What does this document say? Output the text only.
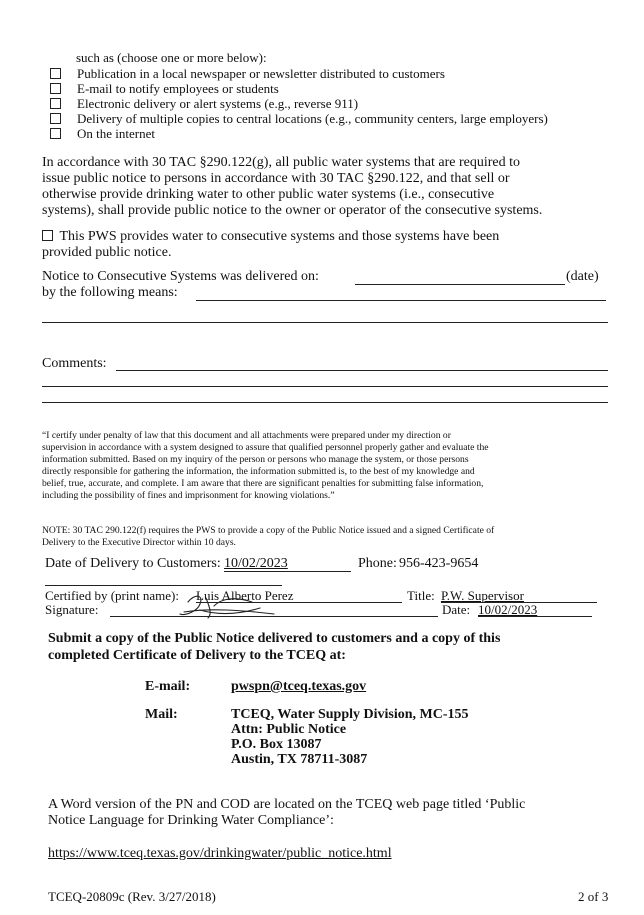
such as (choose one or more below):
Publication in a local newspaper or newsletter distributed to customers
E-mail to notify employees or students
Electronic delivery or alert systems (e.g., reverse 911)
Delivery of multiple copies to central locations (e.g., community centers, large employers)
On the internet
In accordance with 30 TAC §290.122(g), all public water systems that are required to
issue public notice to persons in accordance with 30 TAC §290.122, and that sell or
otherwise provide drinking water to other public water systems (i.e., consecutive
systems), shall provide public notice to the owner or operator of the consecutive systems.
This PWS provides water to consecutive systems and those systems have been
provided public notice.
Notice to Consecutive Systems was delivered on:	(date)
by the following means:
Comments:
“I certify under penalty of law that this document and all attachments were prepared under my direction or
supervision in accordance with a system designed to assure that qualified personnel properly gather and evaluate the
information submitted. Based on my inquiry of the person or persons who manage the system, or those persons
directly responsible for gathering the information, the information submitted is, to the best of my knowledge and
belief, true, accurate, and complete. I am aware that there are significant penalties for submitting false information,
including the possibility of fines and imprisonment for knowing violations.”
NOTE: 30 TAC 290.122(f) requires the PWS to provide a copy of the Public Notice issued and a signed Certificate of
Delivery to the Executive Director within 10 days.
Date of Delivery to Customers: 10/02/2023	Phone: 956-423-9654
Certified by (print name): Luis Alberto Perez	Title: P.W. Supervisor
Signature:	Date: 10/02/2023
Submit a copy of the Public Notice delivered to customers and a copy of this
completed Certificate of Delivery to the TCEQ at:
E-mail:	pwspn@tceq.texas.gov
Mail:	TCEQ, Water Supply Division, MC-155
Attn: Public Notice
P.O. Box 13087
Austin, TX 78711-3087
A Word version of the PN and COD are located on the TCEQ web page titled ‘Public
Notice Language for Drinking Water Compliance’:
https://www.tceq.texas.gov/drinkingwater/public_notice.html
TCEQ-20809c (Rev. 3/27/2018)	2 of 3
